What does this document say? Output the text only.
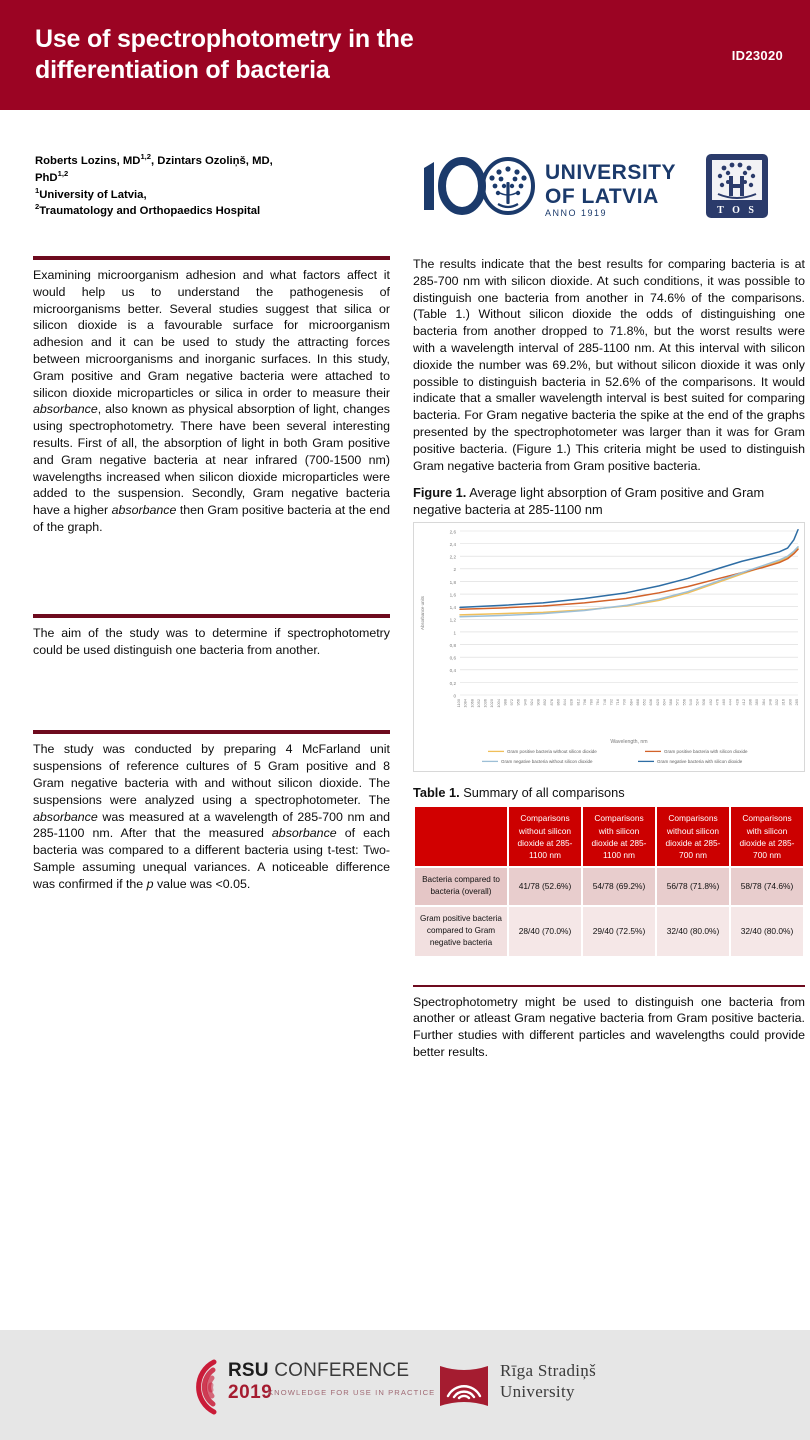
Use of spectrophotometry in the differentiation of bacteria
ID23020
Roberts Lozins, MD$^{1,2}$, Dzintars Ozoliņš, MD,
PhD$^{1,2}$
$^1$University of Latvia,
$^2$Traumatology and Orthopaedics Hospital
UNIVERSITY
OF LATVIA
ANNO 1919	T O S
Examining microorganism adhesion and what factors affect it would help us to understand the pathogenesis of microorganisms better. Several studies suggest that silica or silicon dioxide is a favourable surface for microorganism adhesion and it can be used to study the attracting forces between microorganisms and inorganic surfaces. In this study, Gram positive and Gram negative bacteria were attached to silicon dioxide microparticles or silica in order to measure their absorbance, also known as physical absorption of light, changes using spectrophotometry. There have been several interesting results. First of all, the absorption of light in both Gram positive and Gram negative bacteria at near infrared (700-1500 nm) wavelengths increased when silicon dioxide microparticles were added to the suspension. Secondly, Gram negative bacteria have a higher absorbance then Gram positive bacteria at the end of the graph.
The aim of the study was to determine if spectrophotometry could be used distinguish one bacteria from another.
The study was conducted by preparing 4 McFarland unit suspensions of reference cultures of 5 Gram positive and 8 Gram negative bacteria with and without silicon dioxide. The suspensions were analyzed using a spectrophotometer. The absorbance was measured at a wavelength of 285-700 nm and 285-1100 nm. After that the measured absorbance of each bacteria was compared to a different bacteria using t-test: Two-Sample assuming unequal variances. A noticeable difference was confirmed if the p value was <0.05.
The results indicate that the best results for comparing bacteria is at 285-700 nm with silicon dioxide. At such conditions, it was possible to distinguish one bacteria from another in 74.6% of the comparisons. (Table 1.) Without silicon dioxide the odds of distinguishing one bacteria from another dropped to 71.8%, but the worst results were with a wavelength interval of 285-1100 nm. At this interval with silicon dioxide the number was 69.2%, but without silicon dioxide it was only possible to distinguish bacteria in 52.6% of the comparisons. It would indicate that a smaller wavelength interval is best suited for comparing bacteria. For Gram negative bacteria the spike at the end of the graphs presented by the spectrophotometer was larger than it was for Gram positive bacteria. (Figure 1.) This criteria might be used to distinguish Gram negative bacteria from Gram positive bacteria.
Figure 1. Average light absorption of Gram positive and Gram negative bacteria at 285-1100 nm
0
0,2
0,4
0,6
0,8
1
1,2
1,4
1,6
1,8
2
2,2
2,4
2,6
Absorbance units
1100 1084 1068 1052 1036 1020 1004 988 972 956 940 924 908 892 876 860 844 828 812 796 780 764 748 732 716 700 684 668 652 636 620 604 588 572 556 540 524 508 492 476 460 444 428 412 396 380 364 348 332 316 300 285
Wavelength, nm
Gram positive bacteria without silicon dioxide	Gram positive bacteria with silicon dioxide
Gram negative bacteria without silicon dioxide	Gram negative bacteria with silicon dioxide
Table 1. Summary of all comparisons
	Comparisons without silicon dioxide at 285-1100 nm	Comparisons with silicon dioxide at 285-1100 nm	Comparisons without silicon dioxide at 285-700 nm	Comparisons with silicon dioxide at 285-700 nm
Bacteria compared to bacteria (overall)	41/78 (52.6%)	54/78 (69.2%)	56/78 (71.8%)	58/78 (74.6%)
Gram positive bacteria compared to Gram negative bacteria	28/40 (70.0%)	29/40 (72.5%)	32/40 (80.0%)	32/40 (80.0%)
Spectrophotometry might be used to distinguish one bacteria from another or atleast Gram negative bacteria from Gram positive bacteria. Further studies with different particles and wavelengths could provide better results.
RSU CONFERENCE
2019
KNOWLEDGE FOR USE IN PRACTICE
Rīga Stradiņš
University
